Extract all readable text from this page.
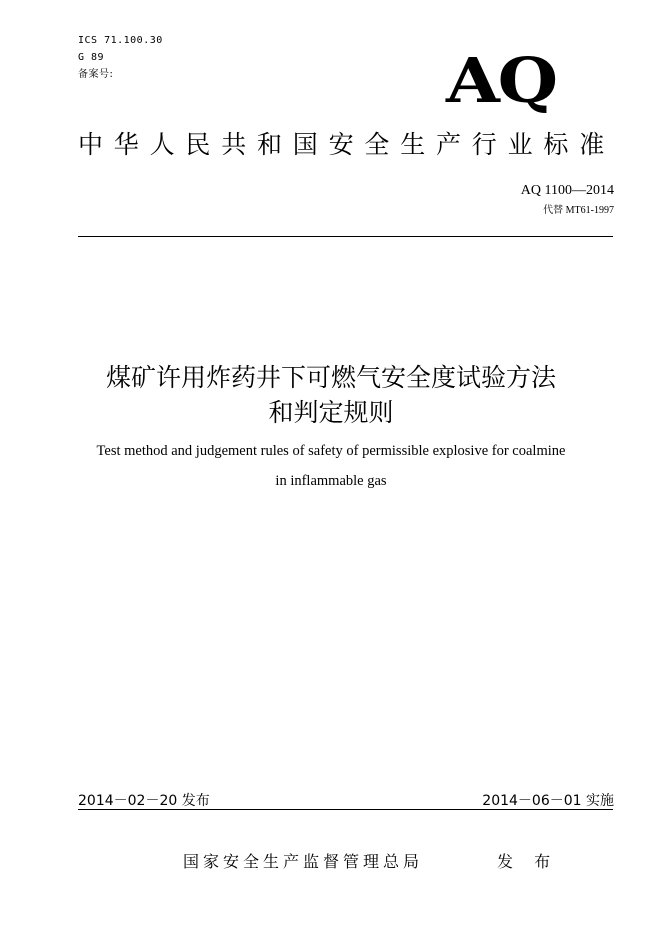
ICS 71.100.30
G 89
备案号:	AQ
中华人民共和国安全生产行业标准
AQ 1100—2014
代替 MT61-1997
煤矿许用炸药井下可燃气安全度试验方法
和判定规则
Test method and judgement rules of safety of permissible explosive for coalmine
in inflammable gas
2014－02－20 发布	2014－06－01 实施
国家安全生产监督管理总局	发 布
